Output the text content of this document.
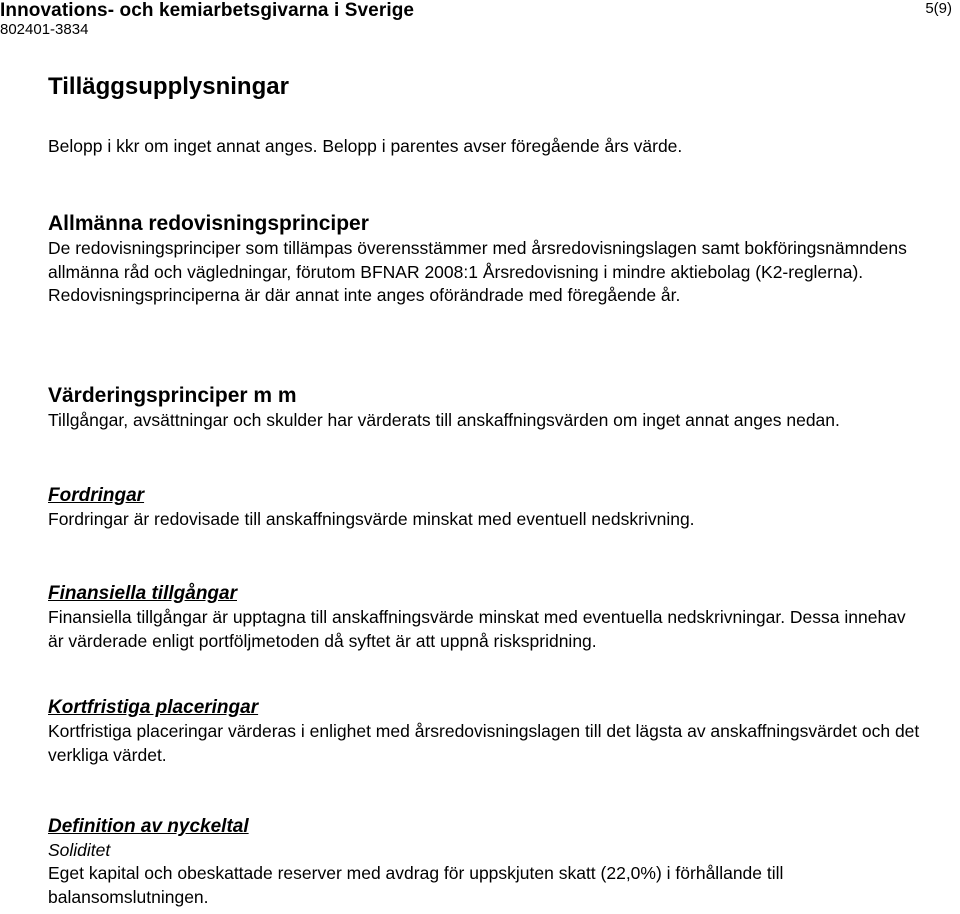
Innovations- och kemiarbetsgivarna i Sverige
802401-3834
5(9)
Tilläggsupplysningar

Belopp i kkr om inget annat anges. Belopp i parentes avser föregående års värde.

Allmänna redovisningsprinciper

De redovisningsprinciper som tillämpas överensstämmer med årsredovisningslagen samt bokföringsnämndens allmänna råd och vägledningar, förutom BFNAR 2008:1 Årsredovisning i mindre aktiebolag (K2-reglerna). Redovisningsprinciperna är där annat inte anges oförändrade med föregående år.

Värderingsprinciper m m

Tillgångar, avsättningar och skulder har värderats till anskaffningsvärden om inget annat anges nedan.

Fordringar

Fordringar är redovisade till anskaffningsvärde minskat med eventuell nedskrivning.

Finansiella tillgångar

Finansiella tillgångar är upptagna till anskaffningsvärde minskat med eventuella nedskrivningar. Dessa innehav är värderade enligt portföljmetoden då syftet är att uppnå riskspridning.

Kortfristiga placeringar

Kortfristiga placeringar värderas i enlighet med årsredovisningslagen till det lägsta av anskaffningsvärdet och det verkliga värdet.

Definition av nyckeltal

Soliditet

Eget kapital och obeskattade reserver med avdrag för uppskjuten skatt (22,0%) i förhållande till balansomslutningen.
